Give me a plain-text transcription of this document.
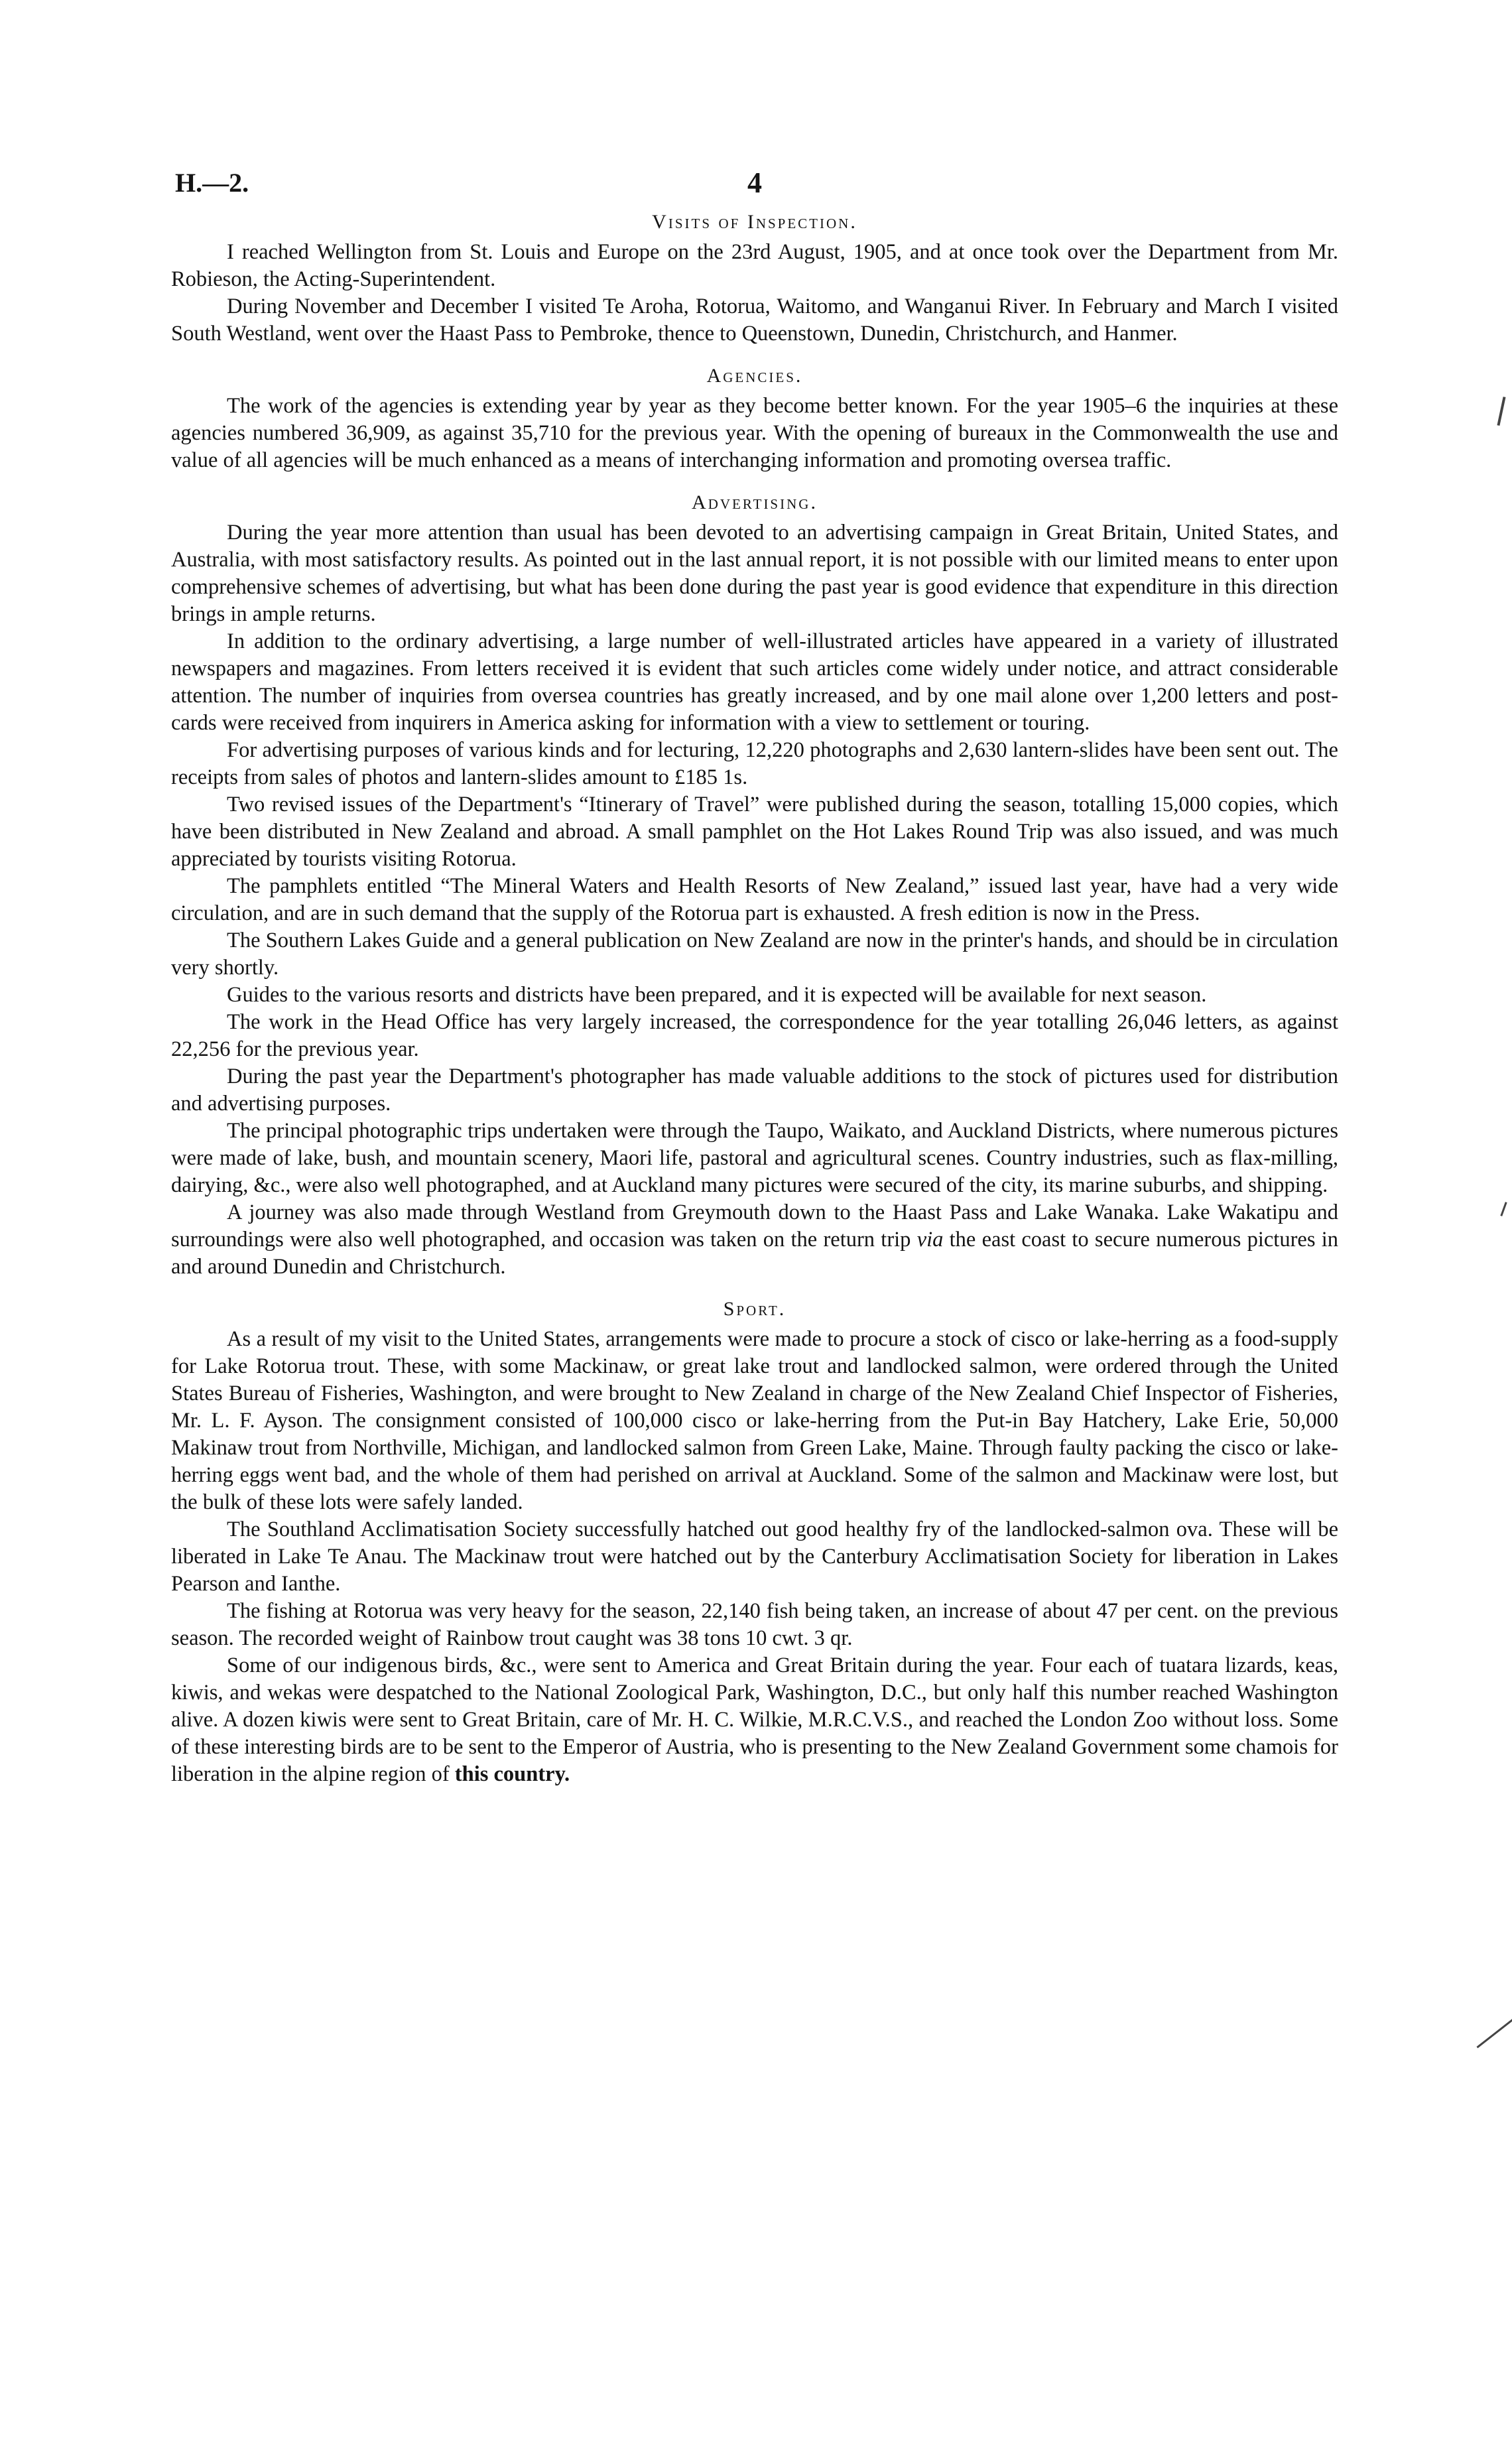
H.—2.	4
Visits of Inspection.

I reached Wellington from St. Louis and Europe on the 23rd August, 1905, and at once took over the Department from Mr. Robieson, the Acting-Superintendent.

During November and December I visited Te Aroha, Rotorua, Waitomo, and Wanganui River. In February and March I visited South Westland, went over the Haast Pass to Pembroke, thence to Queenstown, Dunedin, Christchurch, and Hanmer.

Agencies.

The work of the agencies is extending year by year as they become better known. For the year 1905–6 the inquiries at these agencies numbered 36,909, as against 35,710 for the previous year. With the opening of bureaux in the Commonwealth the use and value of all agencies will be much enhanced as a means of interchanging information and promoting oversea traffic.

Advertising.

During the year more attention than usual has been devoted to an advertising campaign in Great Britain, United States, and Australia, with most satisfactory results. As pointed out in the last annual report, it is not possible with our limited means to enter upon comprehensive schemes of advertising, but what has been done during the past year is good evidence that expenditure in this direction brings in ample returns.

In addition to the ordinary advertising, a large number of well-illustrated articles have appeared in a variety of illustrated newspapers and magazines. From letters received it is evident that such articles come widely under notice, and attract considerable attention. The number of inquiries from oversea countries has greatly increased, and by one mail alone over 1,200 letters and post-cards were received from inquirers in America asking for information with a view to settlement or touring.

For advertising purposes of various kinds and for lecturing, 12,220 photographs and 2,630 lantern-slides have been sent out. The receipts from sales of photos and lantern-slides amount to £185 1s.

Two revised issues of the Department's “Itinerary of Travel” were published during the season, totalling 15,000 copies, which have been distributed in New Zealand and abroad. A small pamphlet on the Hot Lakes Round Trip was also issued, and was much appreciated by tourists visiting Rotorua.

The pamphlets entitled “The Mineral Waters and Health Resorts of New Zealand,” issued last year, have had a very wide circulation, and are in such demand that the supply of the Rotorua part is exhausted. A fresh edition is now in the Press.

The Southern Lakes Guide and a general publication on New Zealand are now in the printer's hands, and should be in circulation very shortly.

Guides to the various resorts and districts have been prepared, and it is expected will be available for next season.

The work in the Head Office has very largely increased, the correspondence for the year totalling 26,046 letters, as against 22,256 for the previous year.

During the past year the Department's photographer has made valuable additions to the stock of pictures used for distribution and advertising purposes.

The principal photographic trips undertaken were through the Taupo, Waikato, and Auckland Districts, where numerous pictures were made of lake, bush, and mountain scenery, Maori life, pastoral and agricultural scenes. Country industries, such as flax-milling, dairying, &c., were also well photographed, and at Auckland many pictures were secured of the city, its marine suburbs, and shipping.

A journey was also made through Westland from Greymouth down to the Haast Pass and Lake Wanaka. Lake Wakatipu and surroundings were also well photographed, and occasion was taken on the return trip via the east coast to secure numerous pictures in and around Dunedin and Christchurch.

Sport.

As a result of my visit to the United States, arrangements were made to procure a stock of cisco or lake-herring as a food-supply for Lake Rotorua trout. These, with some Mackinaw, or great lake trout and landlocked salmon, were ordered through the United States Bureau of Fisheries, Washington, and were brought to New Zealand in charge of the New Zealand Chief Inspector of Fisheries, Mr. L. F. Ayson. The consignment consisted of 100,000 cisco or lake-herring from the Put-in Bay Hatchery, Lake Erie, 50,000 Makinaw trout from Northville, Michigan, and landlocked salmon from Green Lake, Maine. Through faulty packing the cisco or lake-herring eggs went bad, and the whole of them had perished on arrival at Auckland. Some of the salmon and Mackinaw were lost, but the bulk of these lots were safely landed.

The Southland Acclimatisation Society successfully hatched out good healthy fry of the landlocked-salmon ova. These will be liberated in Lake Te Anau. The Mackinaw trout were hatched out by the Canterbury Acclimatisation Society for liberation in Lakes Pearson and Ianthe.

The fishing at Rotorua was very heavy for the season, 22,140 fish being taken, an increase of about 47 per cent. on the previous season. The recorded weight of Rainbow trout caught was 38 tons 10 cwt. 3 qr.

Some of our indigenous birds, &c., were sent to America and Great Britain during the year. Four each of tuatara lizards, keas, kiwis, and wekas were despatched to the National Zoological Park, Washington, D.C., but only half this number reached Washington alive. A dozen kiwis were sent to Great Britain, care of Mr. H. C. Wilkie, M.R.C.V.S., and reached the London Zoo without loss. Some of these interesting birds are to be sent to the Emperor of Austria, who is presenting to the New Zealand Government some chamois for liberation in the alpine region of this country.
